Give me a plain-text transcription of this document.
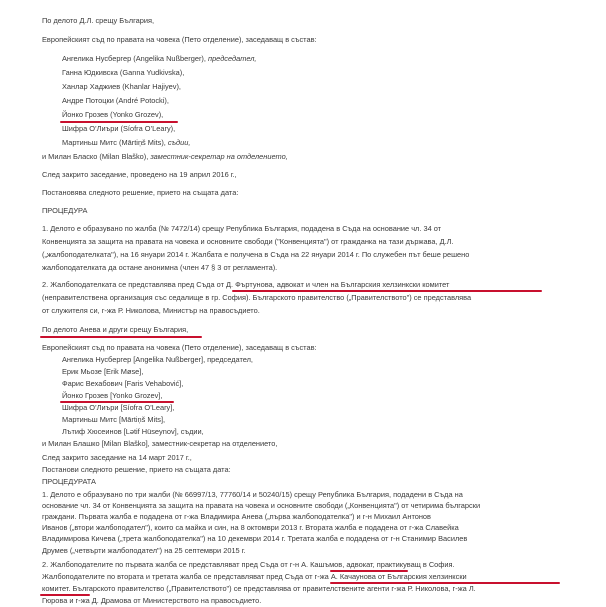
По делото Д.Л. срещу България,
Европейският съд по правата на човека (Пето отделение), заседаващ в състав:
Ангелика Нусбергер (Angelika Nußberger), председател,
Ганна Юдкивска (Ganna Yudkivska),
Ханлар Хаджиев (Khanlar Hajiyev),
Андре Потоцки (André Potocki),
Йонко Грозев (Yonko Grozev),
Шифра О’Лиъри (Síofra O’Leary),
Мартиньш Митс (Mārtiņš Mits), съдии,
и Милан Бласко (Milan Blaško), заместник-секретар на отделението,
След закрито заседание, проведено на 19 април 2016 г.,
Постановява следното решение, прието на същата дата:
ПРОЦЕДУРА
1. Делото е образувано по жалба (№ 7472/14) срещу Република България, подадена в Съда на основание чл. 34 от
Конвенцията за защита на правата на човека и основните свободи ("Конвенцията") от гражданка на тази държава, Д.Л.
(„жалбоподателката"), на 16 януари 2014 г. Жалбата е получена в Съда на 22 януари 2014 г. По служебен път беше решено
жалбоподателката да остане анонимна (член 47 § 3 от регламента).
2. Жалбоподателката се представлява пред Съда от Д. Фъртунова, адвокат и член на Българския хелзинкски комитет
(неправителствена организация със седалище в гр. София). Българското правителство („Правителството") се представлява
от служителя си, г-жа Р. Николова, Министър на правосъдието.
По делото Анева и други срещу България,
Европейският съд по правата на човека (Пето отделение), заседаващ в състав:
Ангелика Нусбергер [Angelika Nußberger], председател,
Ерик Мьозе [Erik Møse],
Фарис Вехабович [Faris Vehabović],
Йонко Грозев [Yonko Grozev],
Шифра О’Лиъри [Síofra O’Leary],
Мартиньш Митс [Mārtiņš Mits],
Лътиф Хюсеинов [Lətif Hüseynov], съдии,
и Милан Блашко [Milan Blaško], заместник-секретар на отделението,
След закрито заседание на 14 март 2017 г.,
Постанови следното решение, прието на същата дата:
ПРОЦЕДУРАТА
1. Делото е образувано по три жалби (№ 66997/13, 77760/14 и 50240/15) срещу Република България, подадени в Съда на
основание чл. 34 от Конвенцията за защита на правата на човека и основните свободи („Конвенцията") от четирима български
граждани. Първата жалба е подадена от г-жа Владимира Анева („първа жалбоподателка") и г-н Михаил Антонов
Иванов („втори жалбоподател"), които са майка и син, на 8 октомври 2013 г. Втората жалба е подадена от г-жа Славейка
Владимирова Кичева („трета жалбоподателка") на 10 декември 2014 г. Третата жалба е подадена от г-н Станимир Василев
Друмев („четвърти жалбоподател") на 25 септември 2015 г.
2. Жалбоподателите по първата жалба се представляват пред Съда от г-н А. Кашъмов, адвокат, практикуващ в София.
Жалбоподателите по втората и третата жалба се представляват пред Съда от г-жа А. Качаунова от Българския хелзинкски
комитет. Българското правителство („Правителството") се представлява от правителствените агенти г-жа Р. Николова, г-жа Л.
Гюрова и г-жа Д. Драмова от Министерството на правосъдието.
